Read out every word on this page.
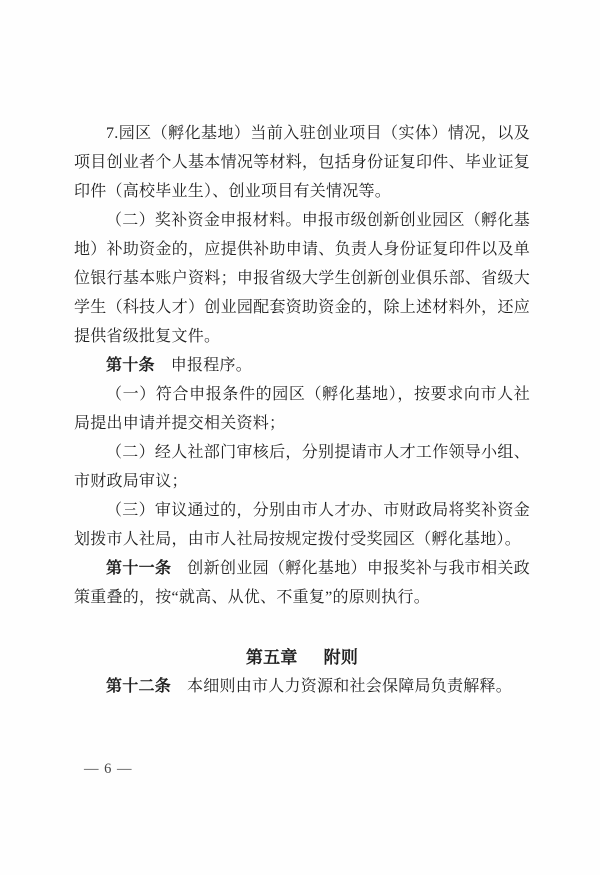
7.园区（孵化基地）当前入驻创业项目（实体）情况，以及项目创业者个人基本情况等材料，包括身份证复印件、毕业证复印件（高校毕业生）、创业项目有关情况等。

（二）奖补资金申报材料。申报市级创新创业园区（孵化基地）补助资金的，应提供补助申请、负责人身份证复印件以及单位银行基本账户资料；申报省级大学生创新创业俱乐部、省级大学生（科技人才）创业园配套资助资金的，除上述材料外，还应提供省级批复文件。

第十条 申报程序。

（一）符合申报条件的园区（孵化基地），按要求向市人社局提出申请并提交相关资料；

（二）经人社部门审核后，分别提请市人才工作领导小组、市财政局审议；

（三）审议通过的，分别由市人才办、市财政局将奖补资金划拨市人社局，由市人社局按规定拨付受奖园区（孵化基地）。

第十一条 创新创业园（孵化基地）申报奖补与我市相关政策重叠的，按“就高、从优、不重复”的原则执行。

第五章 附则

第十二条 本细则由市人力资源和社会保障局负责解释。

— 6 —
